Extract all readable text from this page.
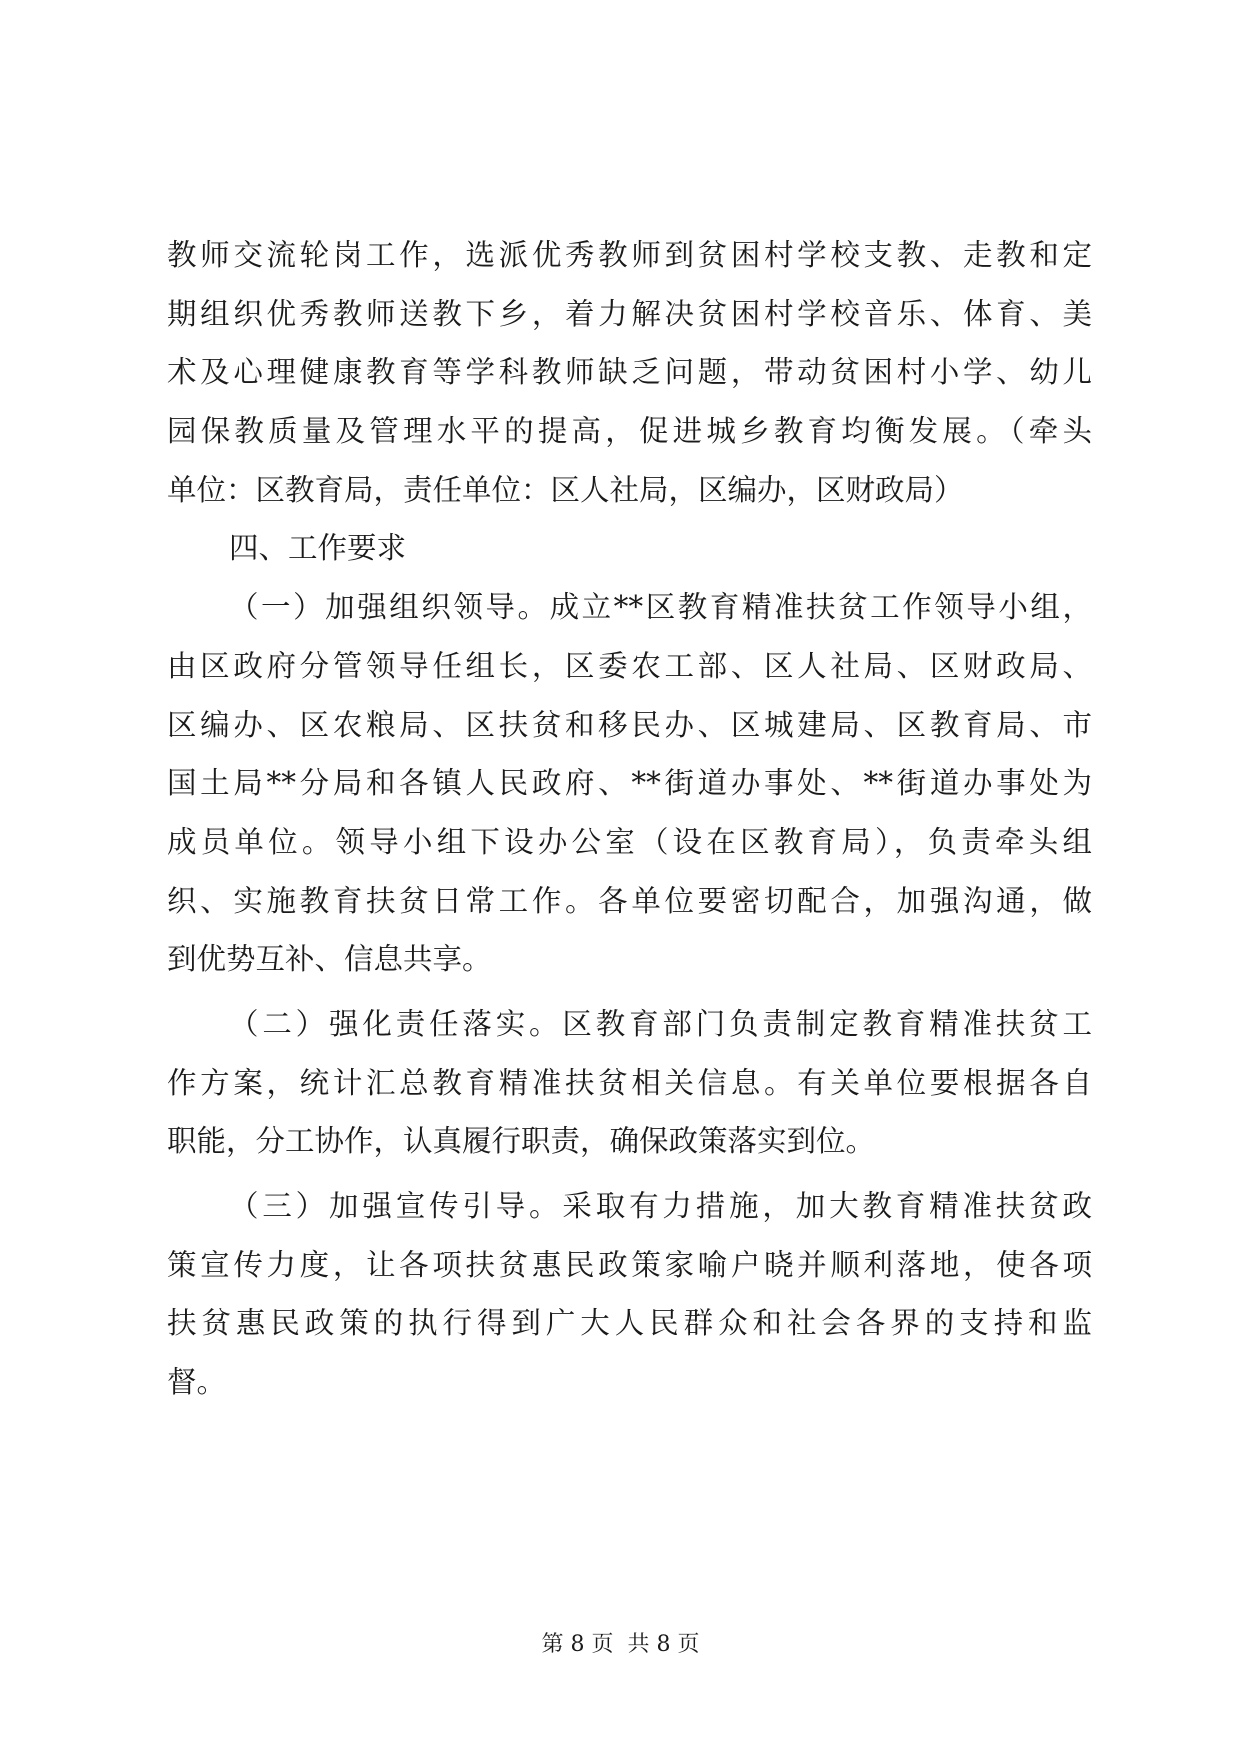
教师交流轮岗工作，选派优秀教师到贫困村学校支教、走教和定
期组织优秀教师送教下乡，着力解决贫困村学校音乐、体育、美
术及心理健康教育等学科教师缺乏问题，带动贫困村小学、幼儿
园保教质量及管理水平的提高，促进城乡教育均衡发展。（牵头
单位：区教育局，责任单位：区人社局，区编办，区财政局）
四、工作要求
（一）加强组织领导。成立**区教育精准扶贫工作领导小组，
由区政府分管领导任组长，区委农工部、区人社局、区财政局、
区编办、区农粮局、区扶贫和移民办、区城建局、区教育局、市
国土局**分局和各镇人民政府、**街道办事处、**街道办事处为
成员单位。领导小组下设办公室（设在区教育局），负责牵头组
织、实施教育扶贫日常工作。各单位要密切配合，加强沟通，做
到优势互补、信息共享。
（二）强化责任落实。区教育部门负责制定教育精准扶贫工
作方案，统计汇总教育精准扶贫相关信息。有关单位要根据各自
职能，分工协作，认真履行职责，确保政策落实到位。
（三）加强宣传引导。采取有力措施，加大教育精准扶贫政
策宣传力度，让各项扶贫惠民政策家喻户晓并顺利落地，使各项
扶贫惠民政策的执行得到广大人民群众和社会各界的支持和监
督。
第 8 页  共 8 页
